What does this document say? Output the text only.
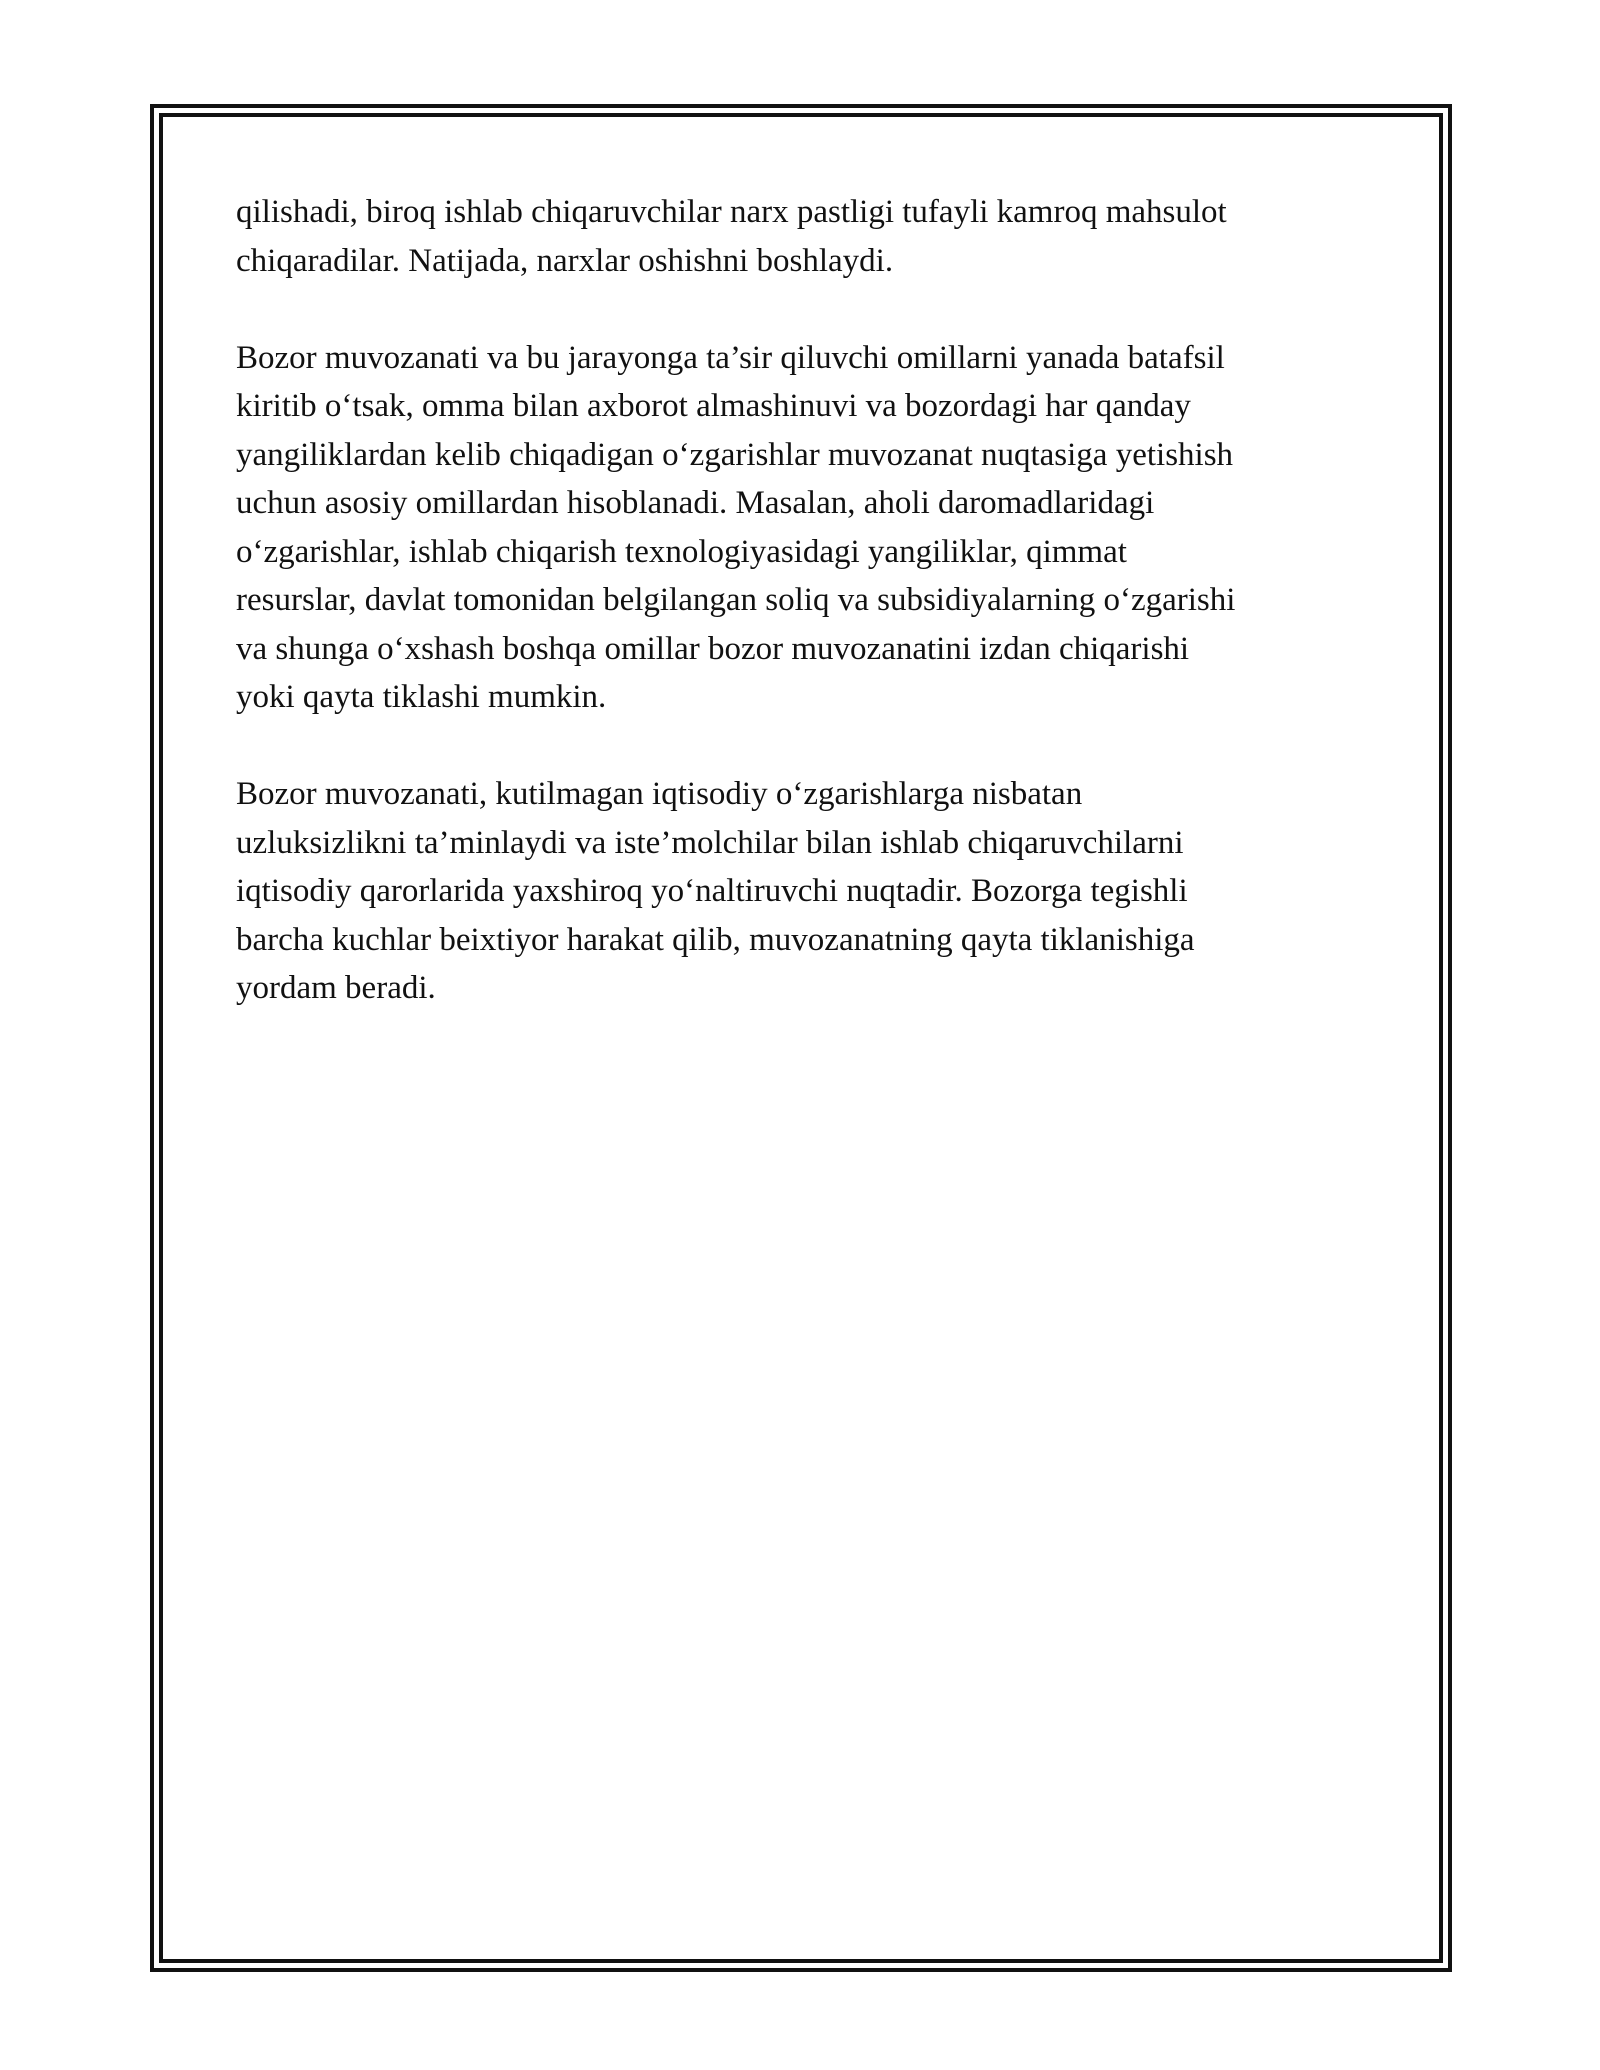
qilishadi, biroq ishlab chiqaruvchilar narx pastligi tufayli kamroq mahsulot
chiqaradilar. Natijada, narxlar oshishni boshlaydi.

Bozor muvozanati va bu jarayonga ta’sir qiluvchi omillarni yanada batafsil
kiritib o‘tsak, omma bilan axborot almashinuvi va bozordagi har qanday
yangiliklardan kelib chiqadigan o‘zgarishlar muvozanat nuqtasiga yetishish
uchun asosiy omillardan hisoblanadi. Masalan, aholi daromadlaridagi
o‘zgarishlar, ishlab chiqarish texnologiyasidagi yangiliklar, qimmat
resurslar, davlat tomonidan belgilangan soliq va subsidiyalarning o‘zgarishi
va shunga o‘xshash boshqa omillar bozor muvozanatini izdan chiqarishi
yoki qayta tiklashi mumkin.

Bozor muvozanati, kutilmagan iqtisodiy o‘zgarishlarga nisbatan
uzluksizlikni ta’minlaydi va iste’molchilar bilan ishlab chiqaruvchilarni
iqtisodiy qarorlarida yaxshiroq yo‘naltiruvchi nuqtadir. Bozorga tegishli
barcha kuchlar beixtiyor harakat qilib, muvozanatning qayta tiklanishiga
yordam beradi.
